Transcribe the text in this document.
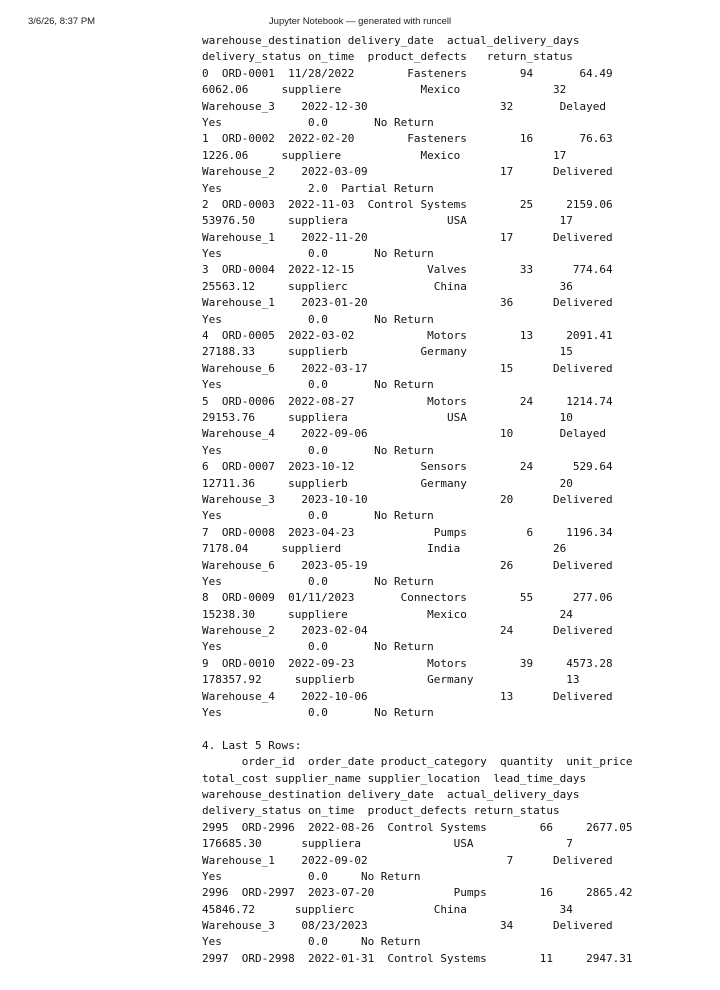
3/6/26, 8:37 PM	Jupyter Notebook — generated with runcell
warehouse_destination delivery_date  actual_delivery_days
delivery_status on_time  product_defects   return_status
0  ORD-0001  11/28/2022        Fasteners        94       64.49
6062.06     suppliere            Mexico              32
Warehouse_3    2022-12-30                    32       Delayed
Yes             0.0       No Return
1  ORD-0002  2022-02-20        Fasteners        16       76.63
1226.06     suppliere            Mexico              17
Warehouse_2    2022-03-09                    17      Delivered
Yes             2.0  Partial Return
2  ORD-0003  2022-11-03  Control Systems        25     2159.06
53976.50     suppliera               USA              17
Warehouse_1    2022-11-20                    17      Delivered
Yes             0.0       No Return
3  ORD-0004  2022-12-15           Valves        33      774.64
25563.12     supplierc             China              36
Warehouse_1    2023-01-20                    36      Delivered
Yes             0.0       No Return
4  ORD-0005  2022-03-02           Motors        13     2091.41
27188.33     supplierb           Germany              15
Warehouse_6    2022-03-17                    15      Delivered
Yes             0.0       No Return
5  ORD-0006  2022-08-27           Motors        24     1214.74
29153.76     suppliera               USA              10
Warehouse_4    2022-09-06                    10       Delayed
Yes             0.0       No Return
6  ORD-0007  2023-10-12          Sensors        24      529.64
12711.36     supplierb           Germany              20
Warehouse_3    2023-10-10                    20      Delivered
Yes             0.0       No Return
7  ORD-0008  2023-04-23            Pumps         6     1196.34
7178.04     supplierd             India              26
Warehouse_6    2023-05-19                    26      Delivered
Yes             0.0       No Return
8  ORD-0009  01/11/2023       Connectors        55      277.06
15238.30     suppliere            Mexico              24
Warehouse_2    2023-02-04                    24      Delivered
Yes             0.0       No Return
9  ORD-0010  2022-09-23           Motors        39     4573.28
178357.92     supplierb           Germany              13
Warehouse_4    2022-10-06                    13      Delivered
Yes             0.0       No Return
4. Last 5 Rows:
order_id  order_date product_category  quantity  unit_price
total_cost supplier_name supplier_location  lead_time_days
warehouse_destination delivery_date  actual_delivery_days
delivery_status on_time  product_defects return_status
2995  ORD-2996  2022-08-26  Control Systems        66     2677.05
176685.30      suppliera              USA              7
Warehouse_1    2022-09-02                     7      Delivered
Yes             0.0     No Return
2996  ORD-2997  2023-07-20            Pumps        16     2865.42
45846.72      supplierc            China              34
Warehouse_3    08/23/2023                    34      Delivered
Yes             0.0     No Return
2997  ORD-2998  2022-01-31  Control Systems        11     2947.31
